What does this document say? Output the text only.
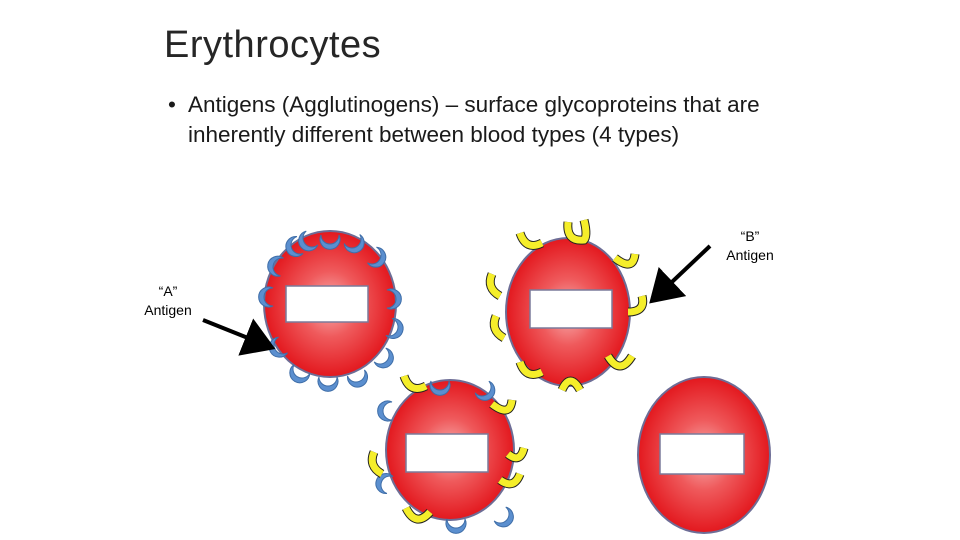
Erythrocytes
• Antigens (Agglutinogens) – surface glycoproteins that are inherently different between blood types (4 types)
“A”
Antigen
“B”
Antigen
